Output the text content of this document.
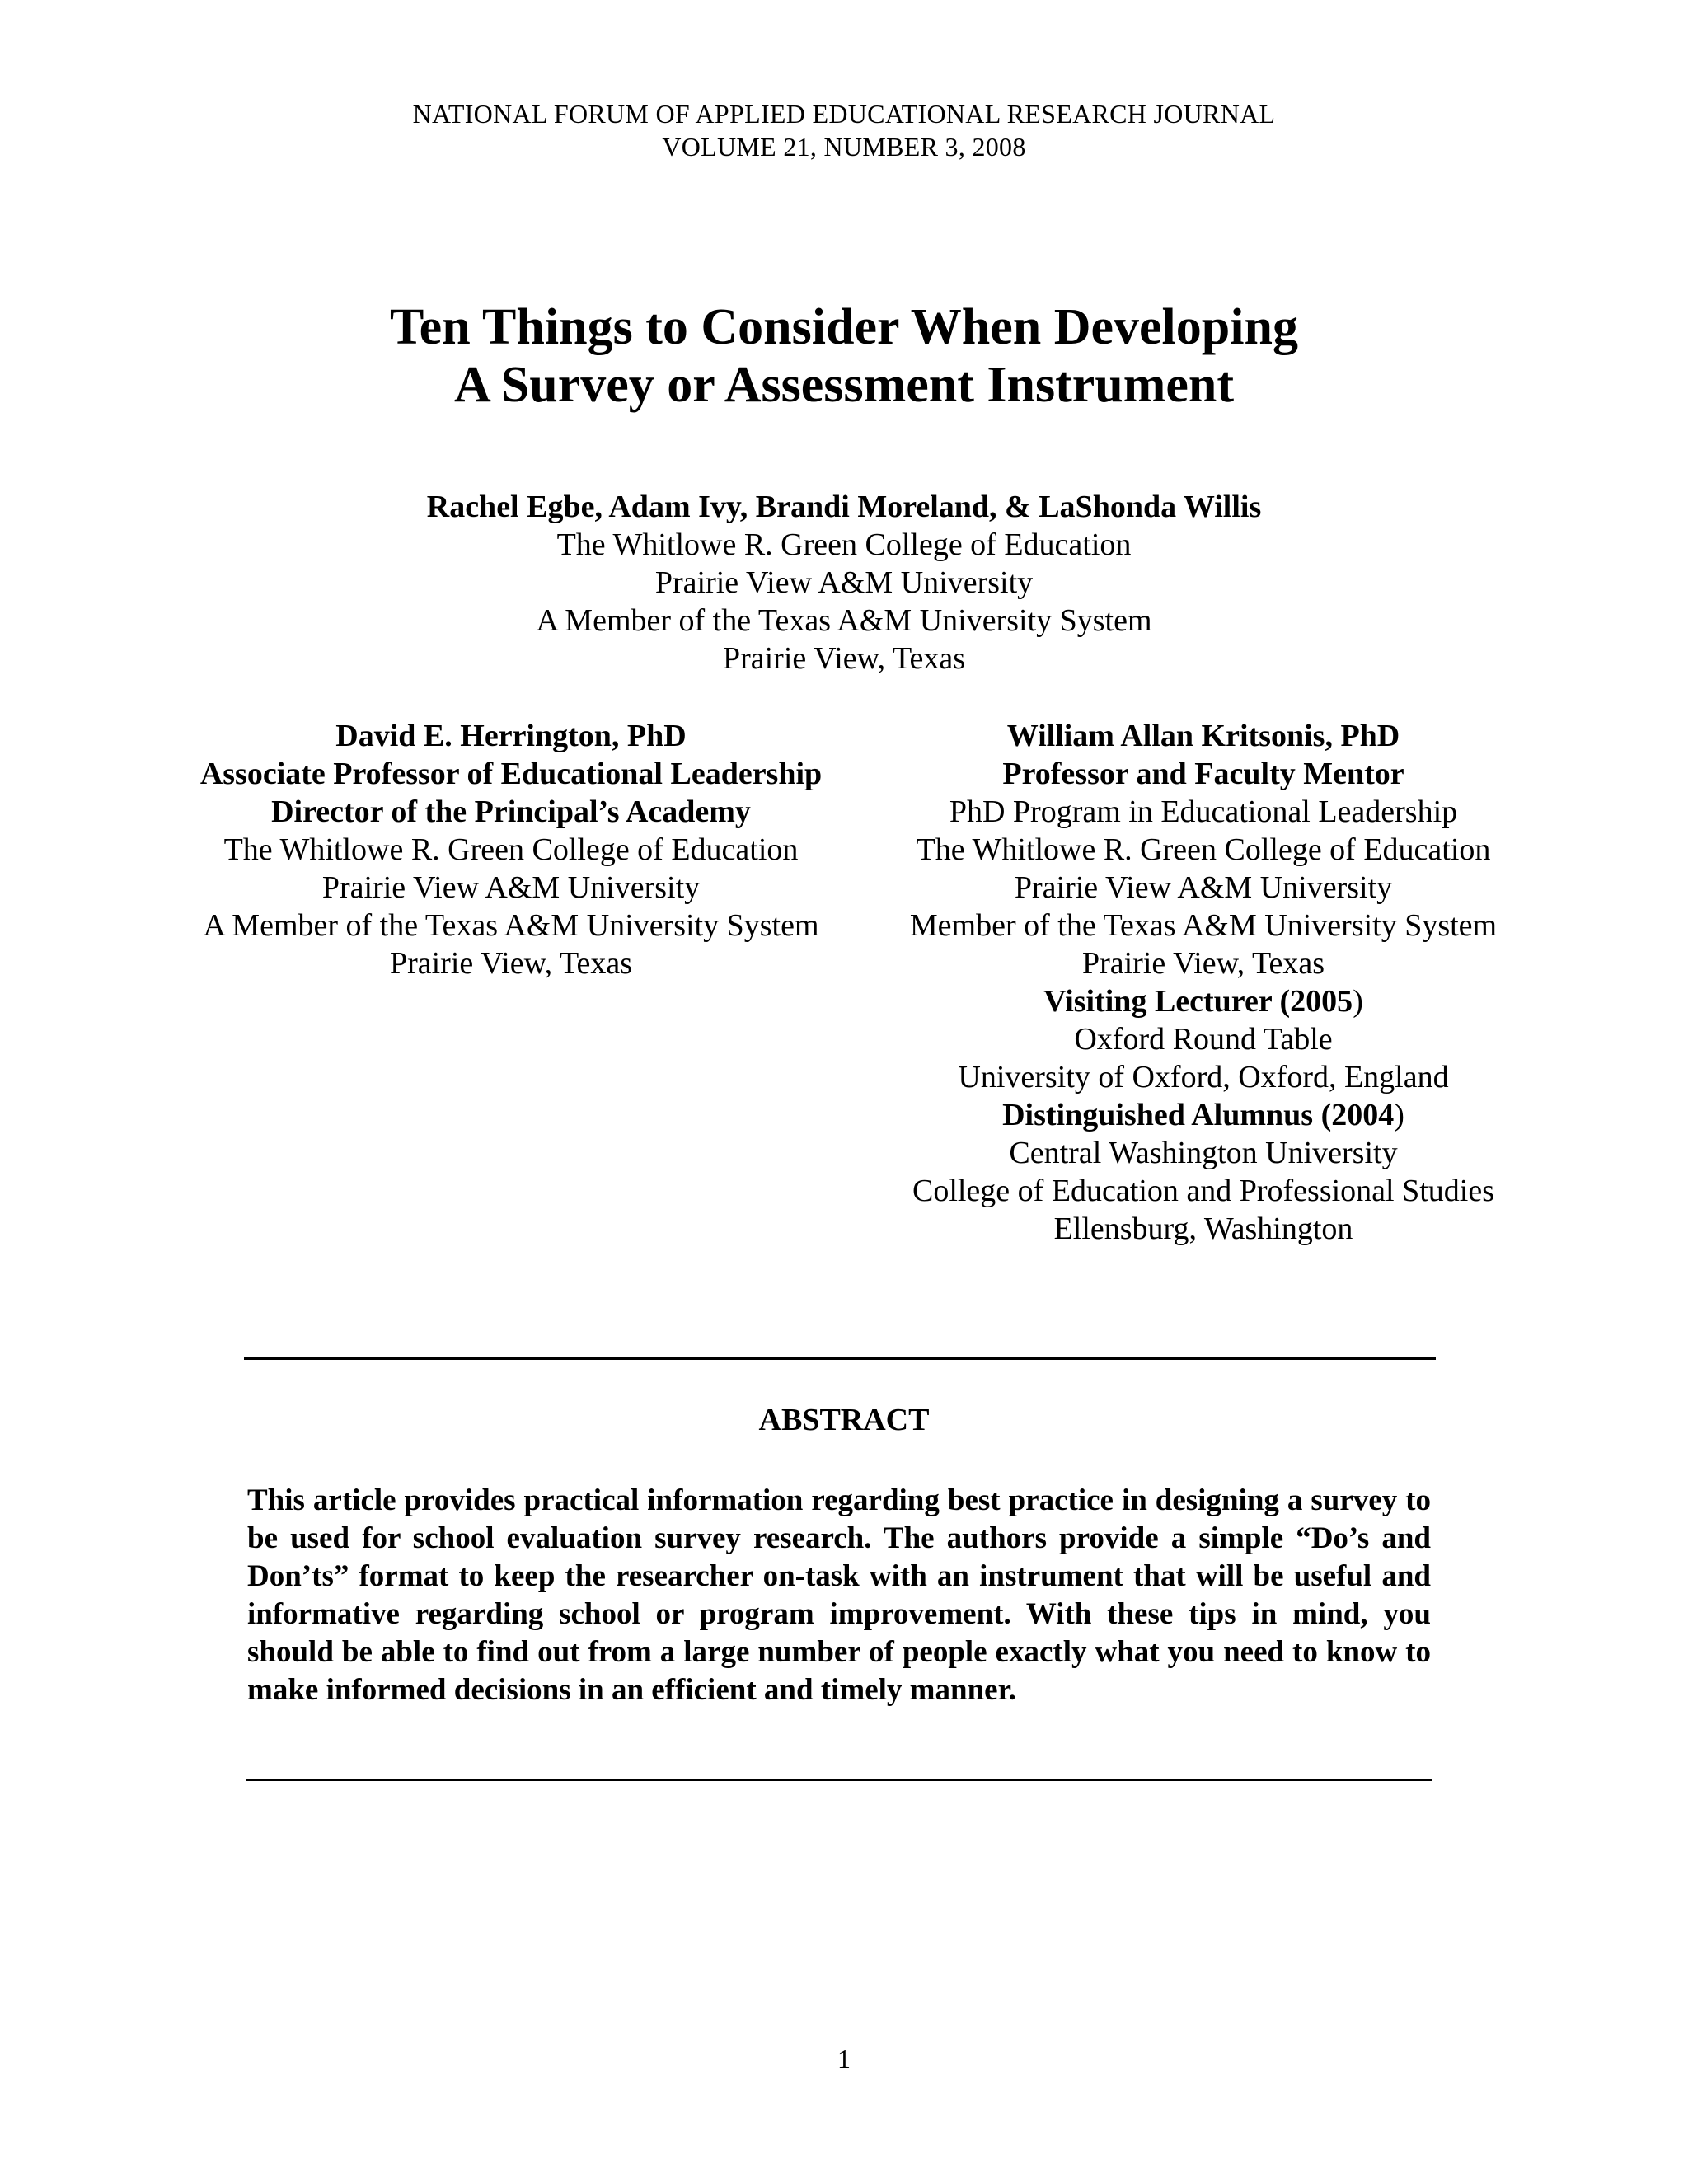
NATIONAL FORUM OF APPLIED EDUCATIONAL RESEARCH JOURNAL
VOLUME 21, NUMBER 3, 2008
Ten Things to Consider When Developing
A Survey or Assessment Instrument
Rachel Egbe, Adam Ivy, Brandi Moreland, & LaShonda Willis
The Whitlowe R. Green College of Education
Prairie View A&M University
A Member of the Texas A&M University System
Prairie View, Texas
David E. Herrington, PhD
Associate Professor of Educational Leadership
Director of the Principal’s Academy
The Whitlowe R. Green College of Education
Prairie View A&M University
A Member of the Texas A&M University System
Prairie View, Texas
William Allan Kritsonis, PhD
Professor and Faculty Mentor
PhD Program in Educational Leadership
The Whitlowe R. Green College of Education
Prairie View A&M University
Member of the Texas A&M University System
Prairie View, Texas
Visiting Lecturer (2005)
Oxford Round Table
University of Oxford, Oxford, England
Distinguished Alumnus (2004)
Central Washington University
College of Education and Professional Studies
Ellensburg, Washington
ABSTRACT
This article provides practical information regarding best practice in designing a survey to be used for school evaluation survey research. The authors provide a simple “Do’s and Don’ts” format to keep the researcher on-task with an instrument that will be useful and informative regarding school or program improvement. With these tips in mind, you should be able to find out from a large number of people exactly what you need to know to make informed decisions in an efficient and timely manner.
1
